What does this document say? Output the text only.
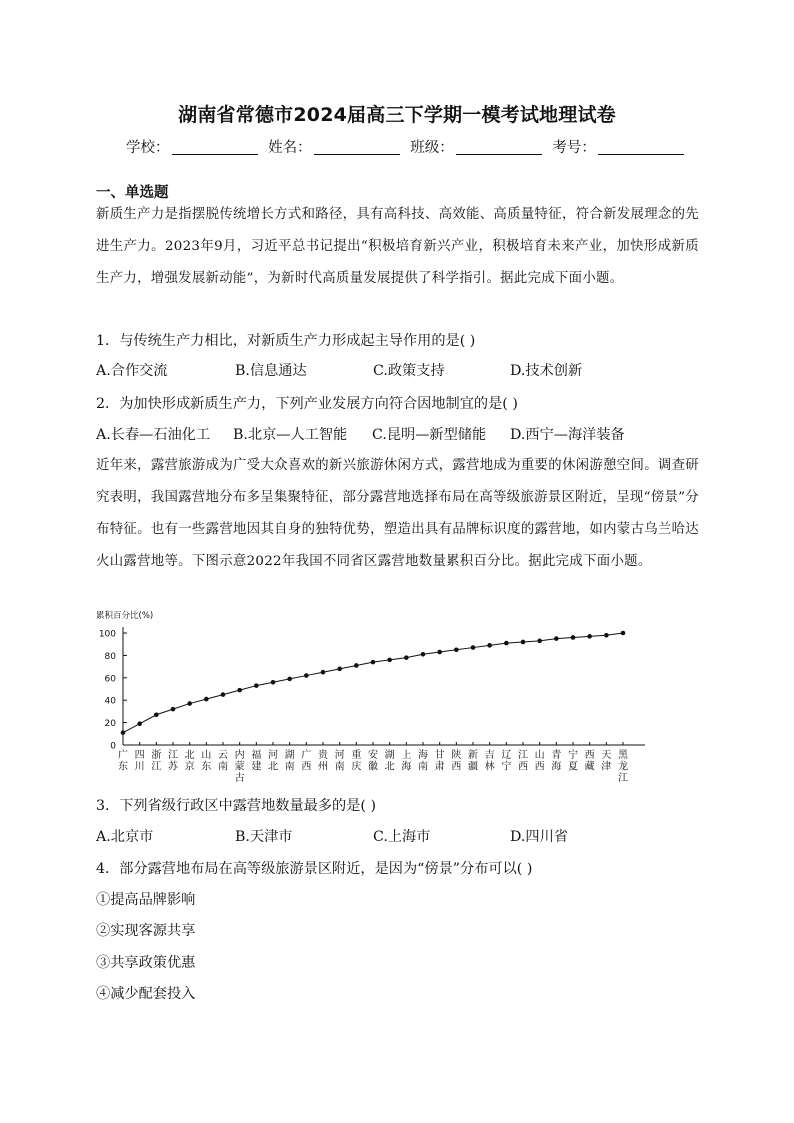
湖南省常德市2024届高三下学期一模考试地理试卷
学校：	姓名：	班级：	考号：
一、单选题
新质生产力是指摆脱传统增长方式和路径，具有高科技、高效能、高质量特征，符合新发展理念的先进生产力。2023年9月，习近平总书记提出“积极培育新兴产业，积极培育未来产业，加快形成新质生产力，增强发展新动能”，为新时代高质量发展提供了科学指引。据此完成下面小题。
1．与传统生产力相比，对新质生产力形成起主导作用的是( )
A.合作交流	B.信息通达	C.政策支持	D.技术创新
2．为加快形成新质生产力，下列产业发展方向符合因地制宜的是( )
A.长春—石油化工 B.北京—人工智能 C.昆明—新型储能 D.西宁—海洋装备
近年来，露营旅游成为广受大众喜欢的新兴旅游休闲方式，露营地成为重要的休闲游憩空间。调查研究表明，我国露营地分布多呈集聚特征，部分露营地选择布局在高等级旅游景区附近，呈现“傍景”分布特征。也有一些露营地因其自身的独特优势，塑造出具有品牌标识度的露营地，如内蒙古乌兰哈达火山露营地等。下图示意2022年我国不同省区露营地数量累积百分比。据此完成下面小题。
累积百分比(%)
0
20
40
60
80
100
广东
四川
浙江
江苏
北京
山东
云南
内蒙古
福建
河北
湖南
广西
贵州
河南
重庆
安徽
湖北
上海
海南
甘肃
陕西
新疆
吉林
辽宁
江西
山西
青海
宁夏
西藏
天津
黑龙江
3．下列省级行政区中露营地数量最多的是( )
A.北京市	B.天津市	C.上海市	D.四川省
4．部分露营地布局在高等级旅游景区附近，是因为“傍景”分布可以( )
①提高品牌影响
②实现客源共享
③共享政策优惠
④减少配套投入
